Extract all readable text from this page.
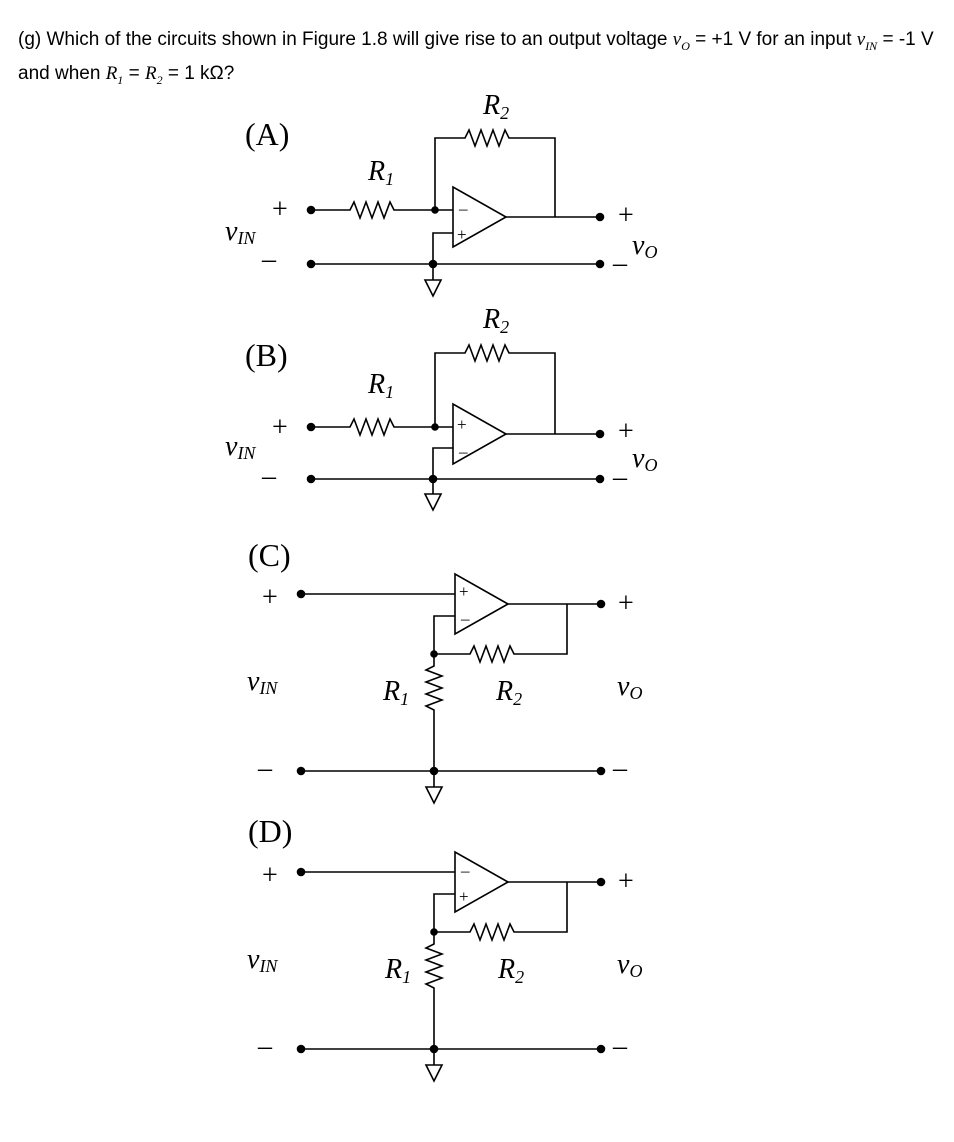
(g) Which of the circuits shown in Figure 1.8 will give rise to an output voltage $v_O = +1$ V for an input $v_{IN} = -1$ V and when $R_1 = R_2 = 1$ kΩ?
(A)
+
–
vIN
R1
R2
–
+
+
–
vO
(B)
+
–
vIN
R1
R2
+
–
+
–
vO
(C)
+
–
vIN
+
–
R2
R1
+
–
vO
(D)
+
–
vIN
–
+
R2
R1
+
–
vO
